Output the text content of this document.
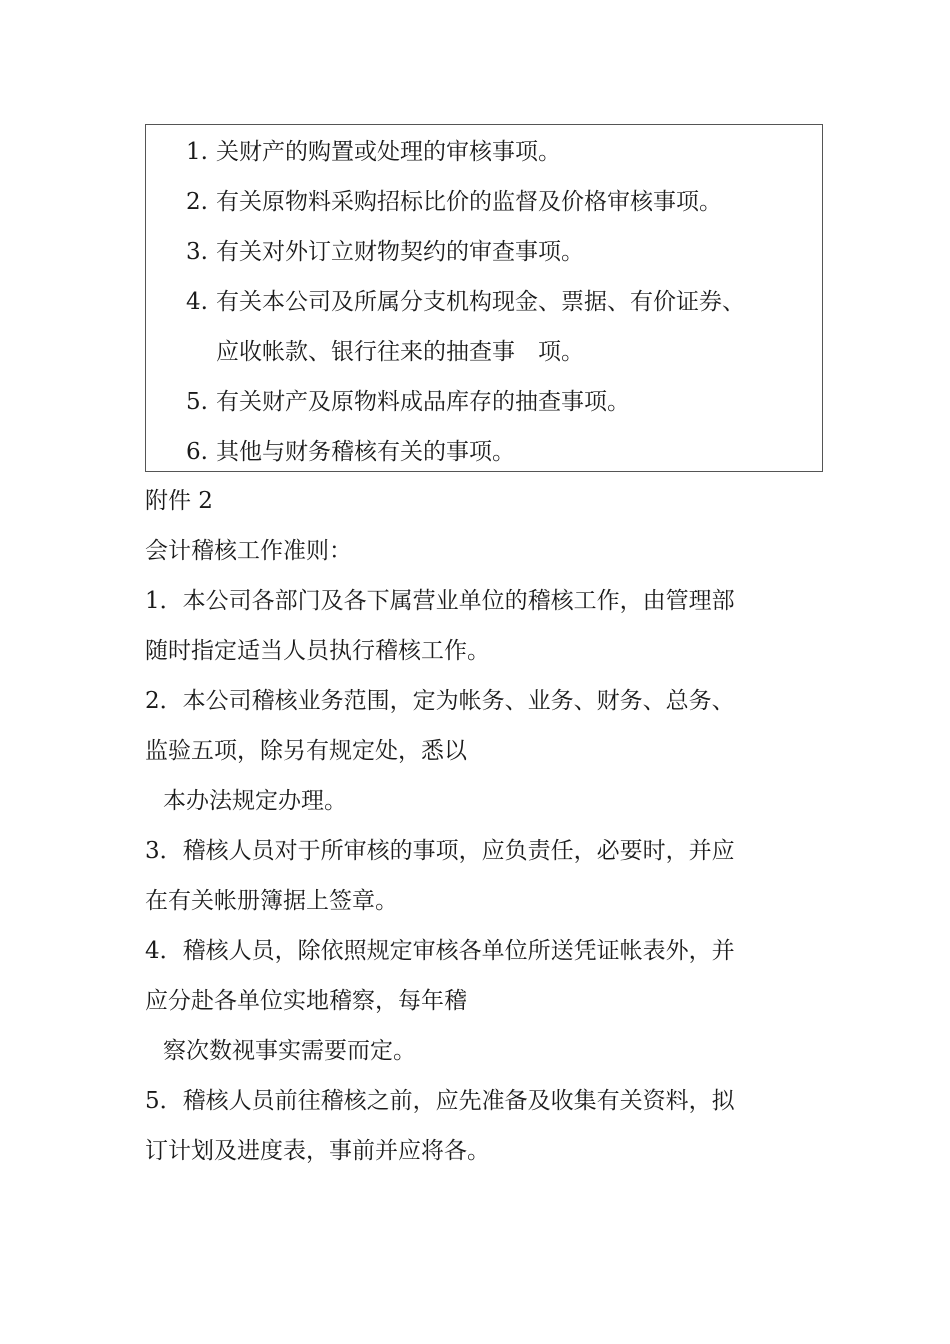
1. 关财产的购置或处理的审核事项。
2. 有关原物料采购招标比价的监督及价格审核事项。
3. 有关对外订立财物契约的审查事项。
4. 有关本公司及所属分支机构现金、票据、有价证券、
应收帐款、银行往来的抽查事　项。
5. 有关财产及原物料成品库存的抽查事项。
6. 其他与财务稽核有关的事项。
附件 2
会计稽核工作准则：
1．本公司各部门及各下属营业单位的稽核工作，由管理部
随时指定适当人员执行稽核工作。
2．本公司稽核业务范围，定为帐务、业务、财务、总务、
监验五项，除另有规定处，悉以
本办法规定办理。
3．稽核人员对于所审核的事项，应负责任，必要时，并应
在有关帐册簿据上签章。
4．稽核人员，除依照规定审核各单位所送凭证帐表外，并
应分赴各单位实地稽察，每年稽
察次数视事实需要而定。
5．稽核人员前往稽核之前，应先准备及收集有关资料，拟
订计划及进度表，事前并应将各。
